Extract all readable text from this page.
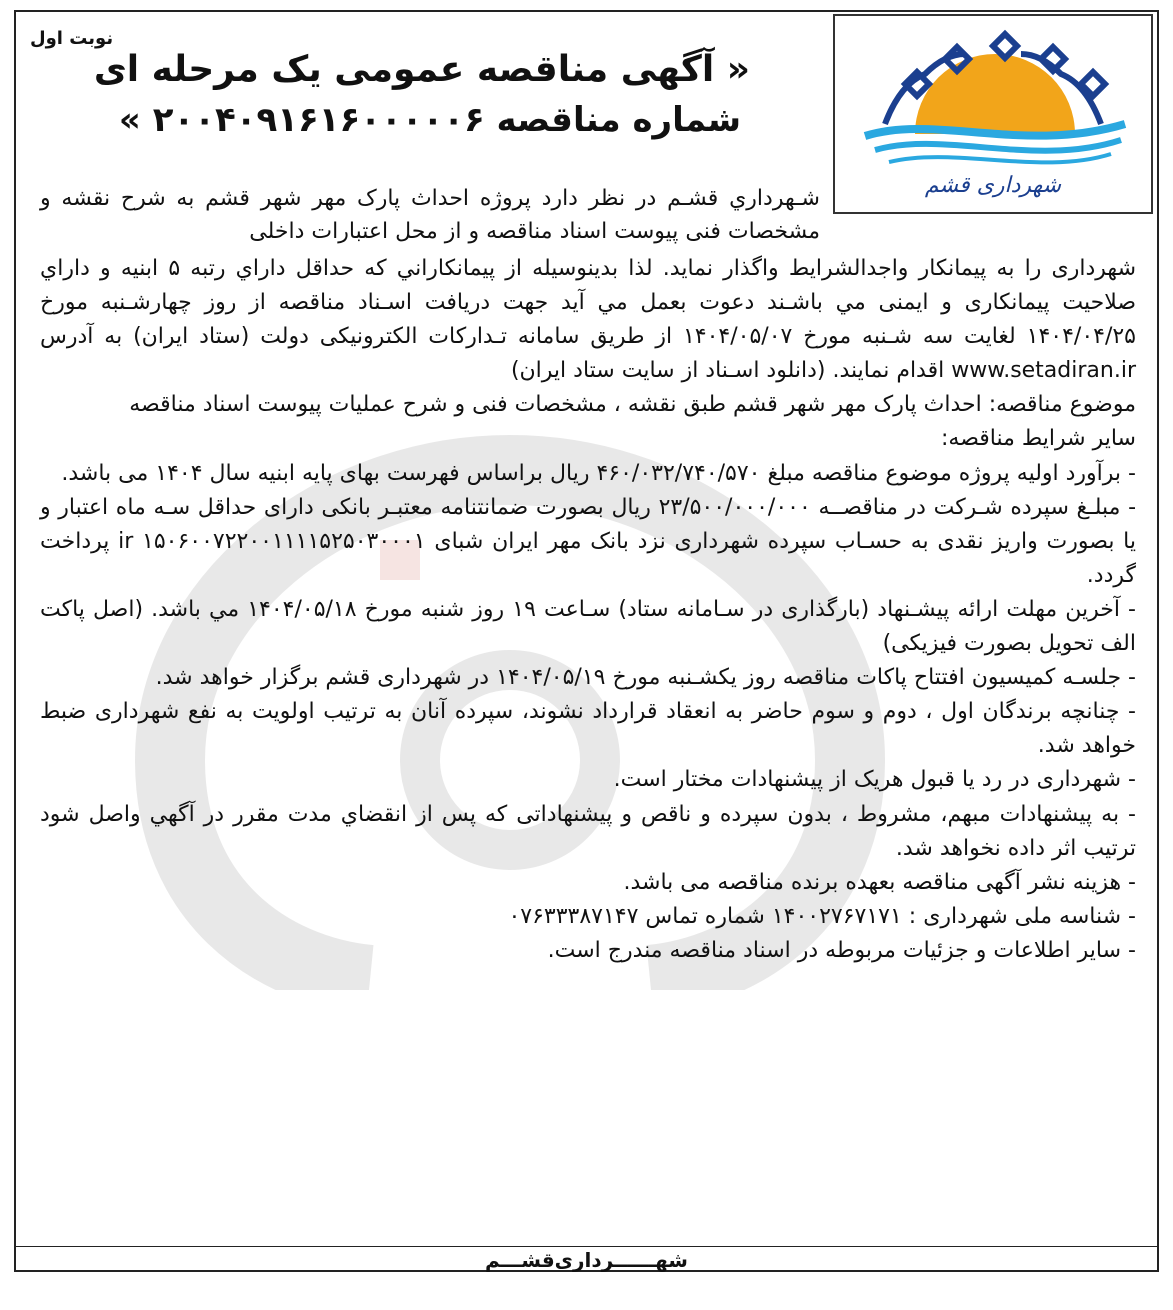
شهرداری قشم
نوبت اول
« آگهی مناقصه عمومی یک مرحله ای
شماره مناقصه ۲۰۰۴۰۹۱۶۱۶۰۰۰۰۰۶ »
شـهرداري قشـم در نظر دارد پروژه احداث پارک مهر شهر قشم به شرح نقشه و مشخصات فنی پیوست اسناد مناقصه و از محل اعتبارات داخلی

شهرداری را به پیمانکار واجدالشرایط واگذار نماید. لذا بدینوسیله از پیمانکاراني که حداقل داراي رتبه ۵ ابنیه و داراي صلاحیت پیمانکاری و ایمنی مي باشـند دعوت بعمل مي آید جهت دریافت اسـناد مناقصه از روز چهارشـنبه مورخ ۱۴۰۴/۰۴/۲۵ لغایت سه شـنبه مورخ ۱۴۰۴/۰۵/۰۷ از طریق سامانه تـدارکات الکترونیکی دولت (ستاد ایران) به آدرس www.setadiran.ir اقدام نمایند. (دانلود اسـناد از سایت ستاد ایران)

موضوع مناقصه: احداث پارک مهر شهر قشم طبق نقشه ، مشخصات فنی و شرح عملیات پیوست اسناد مناقصه

سایر شرایط مناقصه:

- برآورد اولیه پروژه موضوع مناقصه مبلغ ۴۶۰/۰۳۲/۷۴۰/۵۷۰ ریال براساس فهرست بهای پایه ابنیه سال ۱۴۰۴ می باشد.

- مبلـغ سپرده شـرکت در مناقصــه ۲۳/۵۰۰/۰۰۰/۰۰۰ ریال بصورت ضمانتنامه معتبـر بانکی دارای حداقل سـه ماه اعتبار و یا بصورت واریز نقدی به حسـاب سپرده شهرداری نزد بانک مهر ایران شبای ir ۱۵۰۶۰۰۷۲۲۰۰۱۱۱۱۵۲۵۰۳۰۰۰۱ پرداخت گردد.

- آخرین مهلت ارائه پیشـنهاد (بارگذاری در سـامانه ستاد) سـاعت ۱۹ روز شنبه مورخ ۱۴۰۴/۰۵/۱۸ مي باشد. (اصل پاکت الف تحویل بصورت فیزیکی)

- جلسـه کمیسیون افتتاح پاکات مناقصه روز یکشـنبه مورخ ۱۴۰۴/۰۵/۱۹ در شهرداری قشم برگزار خواهد شد.

- چنانچه برندگان اول ، دوم و سوم حاضر به انعقاد قرارداد نشوند، سپرده آنان به ترتیب اولویت به نفع شهرداری ضبط خواهد شد.

- شهرداری در رد یا قبول هریک از پیشنهادات مختار است.

- به پیشنهادات مبهم، مشروط ، بدون سپرده و ناقص و پیشنهاداتی که پس از انقضاي مدت مقرر در آگهي واصل شود ترتیب اثر داده نخواهد شد.

- هزینه نشر آگهی مناقصه بعهده برنده مناقصه می باشد.

- شناسه ملی شهرداری : ۱۴۰۰۲۷۶۷۱۷۱ شماره تماس ۰۷۶۳۳۳۸۷۱۴۷

- سایر اطلاعات و جزئیات مربوطه در اسناد مناقصه مندرج است.

شهــــــرداری‌قشـــم
